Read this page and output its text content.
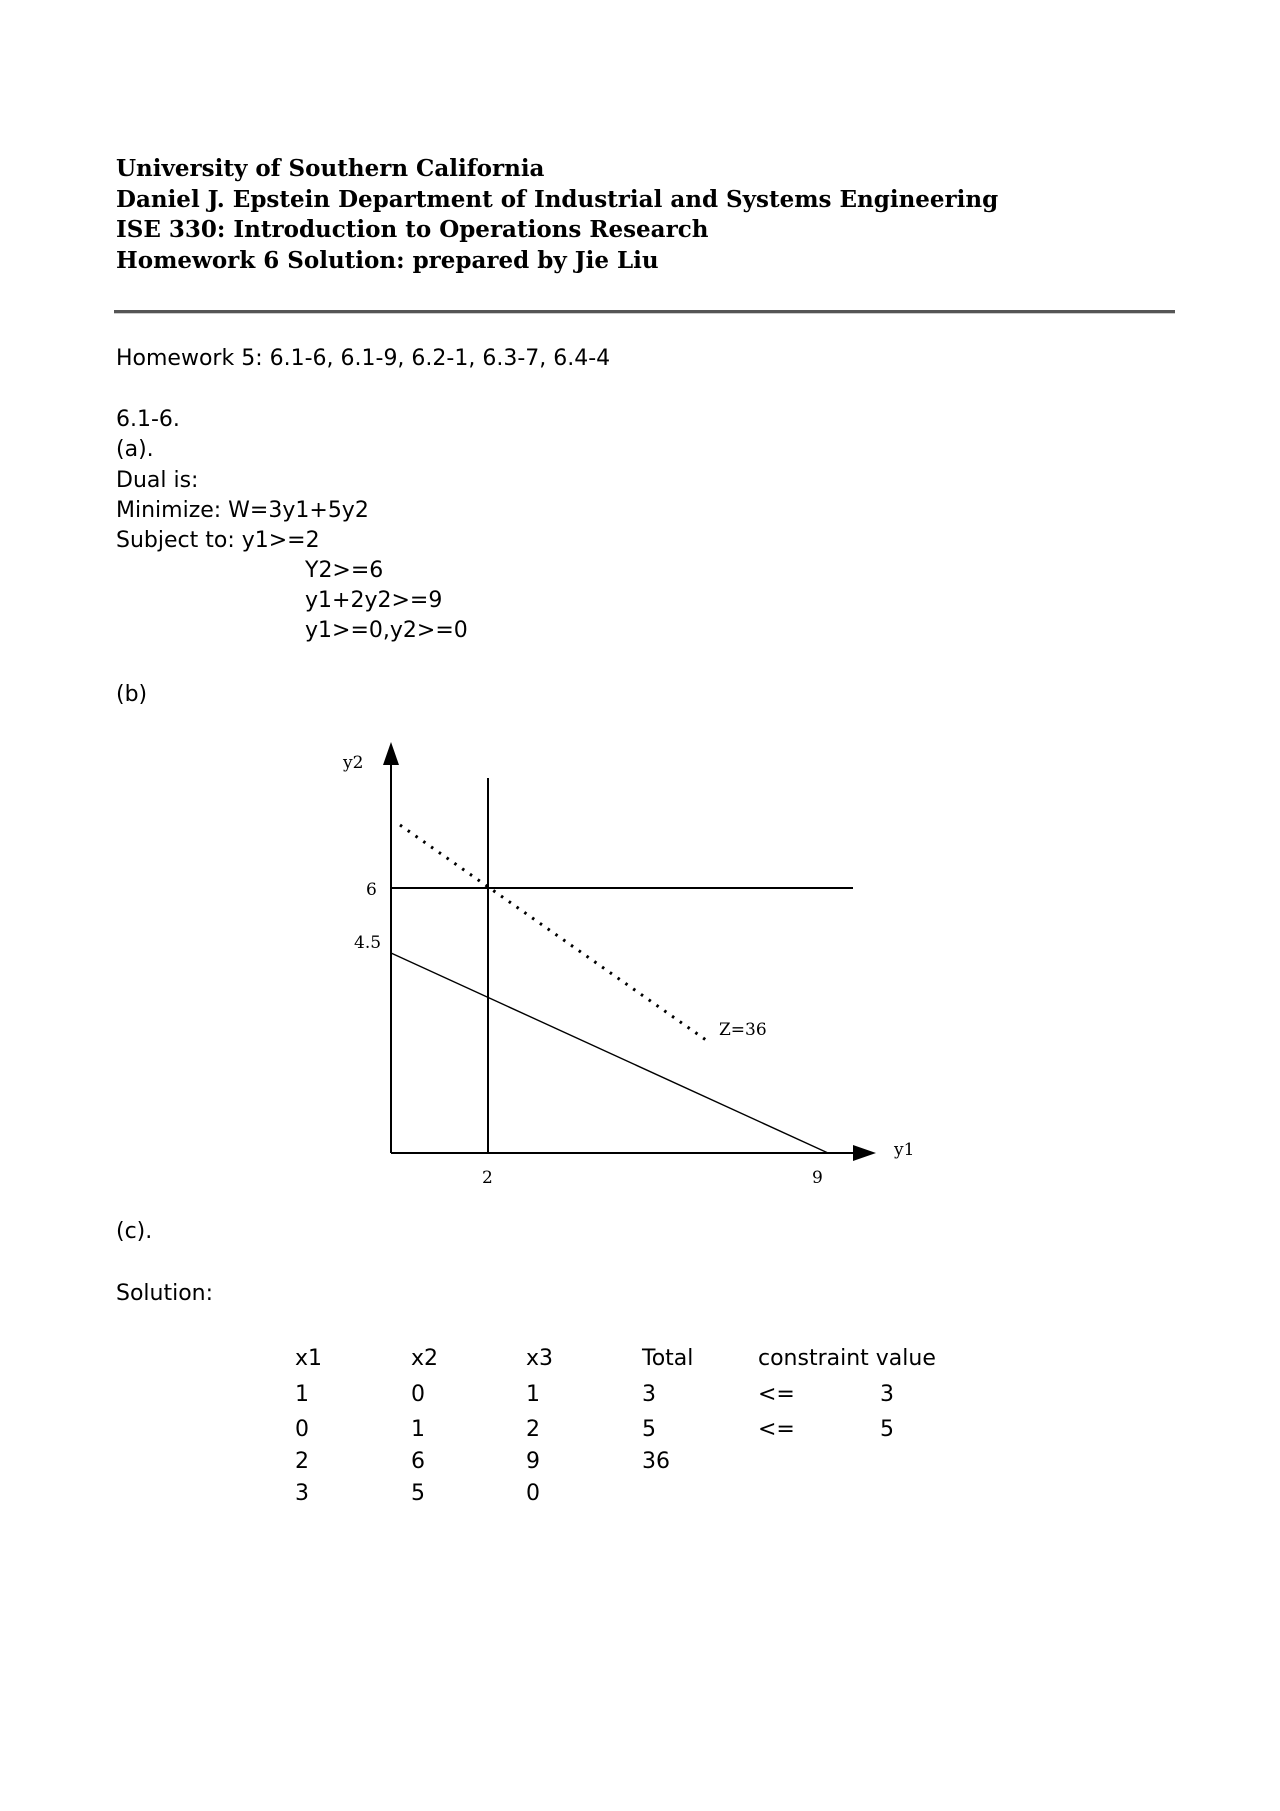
University of Southern California
Daniel J. Epstein Department of Industrial and Systems Engineering
ISE 330: Introduction to Operations Research
Homework 6 Solution: prepared by Jie Liu
Homework 5: 6.1-6, 6.1-9, 6.2-1, 6.3-7, 6.4-4
6.1-6.
(a).
Dual is:
Minimize: W=3y1+5y2
Subject to: y1>=2
Y2>=6
y1+2y2>=9
y1>=0,y2>=0
(b)
y2
y1
6
4.5
2	9
Z=36
(c).
Solution:
x1	x2	x3	Total	constraint value
1	0	1	3	<=	3
0	1	2	5	<=	5
2	6	9	36
3	5	0
